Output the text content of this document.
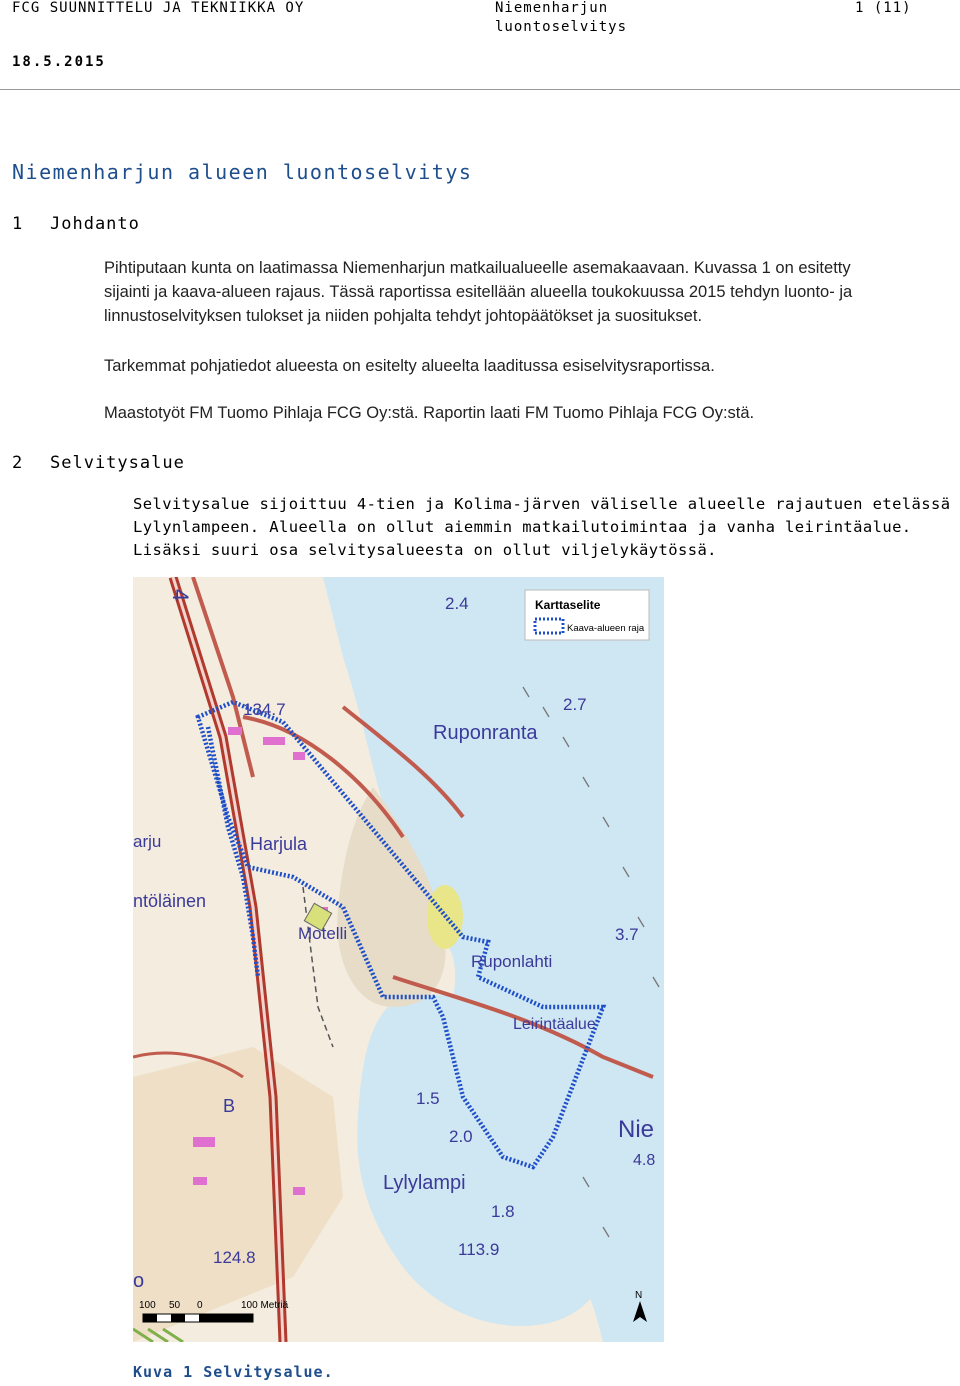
FCG SUUNNITTELU JA TEKNIIKKA OY	Niemenharjun
luontoselvitys
1 (11)
18.5.2015
Niemenharjun alueen luontoselvitys
1 Johdanto
Pihtiputaan kunta on laatimassa Niemenharjun matkailualueelle asemakaavaan. Kuvassa 1 on esitetty
sijainti ja kaava-alueen rajaus. Tässä raportissa esitellään alueella toukokuussa 2015 tehdyn luonto- ja
linnustoselvityksen tulokset ja niiden pohjalta tehdyt johtopäätökset ja suositukset.
Tarkemmat pohjatiedot alueesta on esitelty alueelta laaditussa esiselvitysraportissa.
Maastotyöt FM Tuomo Pihlaja FCG Oy:stä. Raportin laati FM Tuomo Pihlaja FCG Oy:stä.
2 Selvitysalue
Selvitysalue sijoittuu 4-tien ja Kolima-järven väliselle alueelle rajautuen etelässä
Lylynlampeen. Alueella on ollut aiemmin matkailutoimintaa ja vanha leirintäalue.
Lisäksi suuri osa selvitysalueesta on ollut viljelykäytössä.
Karttaselite
Kaava-alueen raja
4	2.4
134.7	2.7
Ruponranta
arju	Harjula
ntöläinen
Motelli	3.7
Ruponlahti
Leirintäalue
1.5
Nie
2.0
4.8
Lylylampi
1.8
113.9
124.8
B
o
N
100 50 0	100 Metriä
Kuva 1 Selvitysalue.
